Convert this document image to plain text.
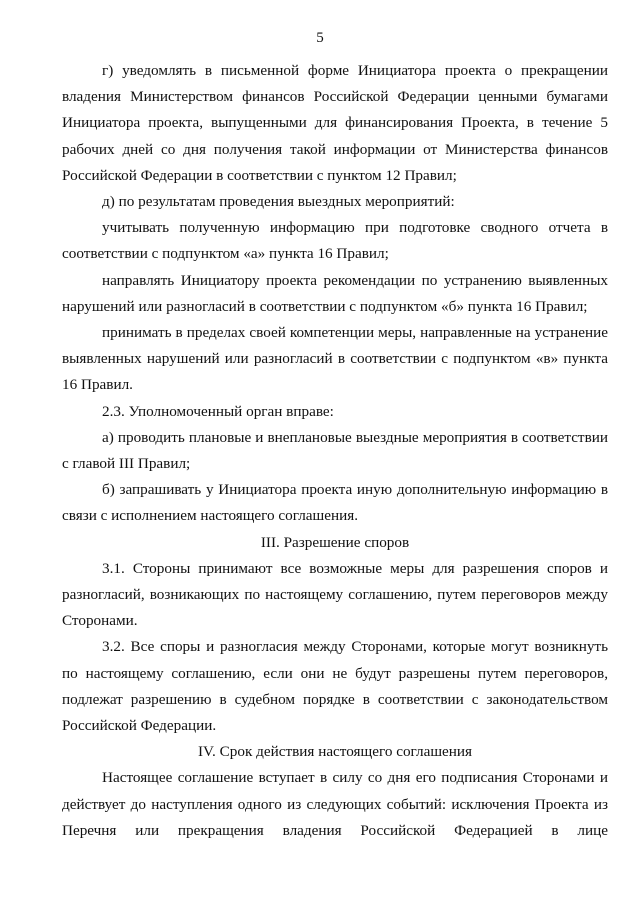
5

г) уведомлять в письменной форме Инициатора проекта о прекращении владения Министерством финансов Российской Федерации ценными бумагами Инициатора проекта, выпущенными для финансирования Проекта, в течение 5 рабочих дней со дня получения такой информации от Министерства финансов Российской Федерации в соответствии с пунктом 12 Правил;

д) по результатам проведения выездных мероприятий:

учитывать полученную информацию при подготовке сводного отчета в соответствии с подпунктом «а» пункта 16 Правил;

направлять Инициатору проекта рекомендации по устранению выявленных нарушений или разногласий в соответствии с подпунктом «б» пункта 16 Правил;

принимать в пределах своей компетенции меры, направленные на устранение выявленных нарушений или разногласий в соответствии с подпунктом «в» пункта 16 Правил.

2.3. Уполномоченный орган вправе:

а) проводить плановые и внеплановые выездные мероприятия в соответствии с главой III Правил;

б) запрашивать у Инициатора проекта иную дополнительную информацию в связи с исполнением настоящего соглашения.

III. Разрешение споров

3.1. Стороны принимают все возможные меры для разрешения споров и разногласий, возникающих по настоящему соглашению, путем переговоров между Сторонами.

3.2. Все споры и разногласия между Сторонами, которые могут возникнуть по настоящему соглашению, если они не будут разрешены путем переговоров, подлежат разрешению в судебном порядке в соответствии с законодательством Российской Федерации.

IV. Срок действия настоящего соглашения

Настоящее соглашение вступает в силу со дня его подписания Сторонами и действует до наступления одного из следующих событий: исключения Проекта из Перечня или прекращения владения Российской Федерацией в лице
